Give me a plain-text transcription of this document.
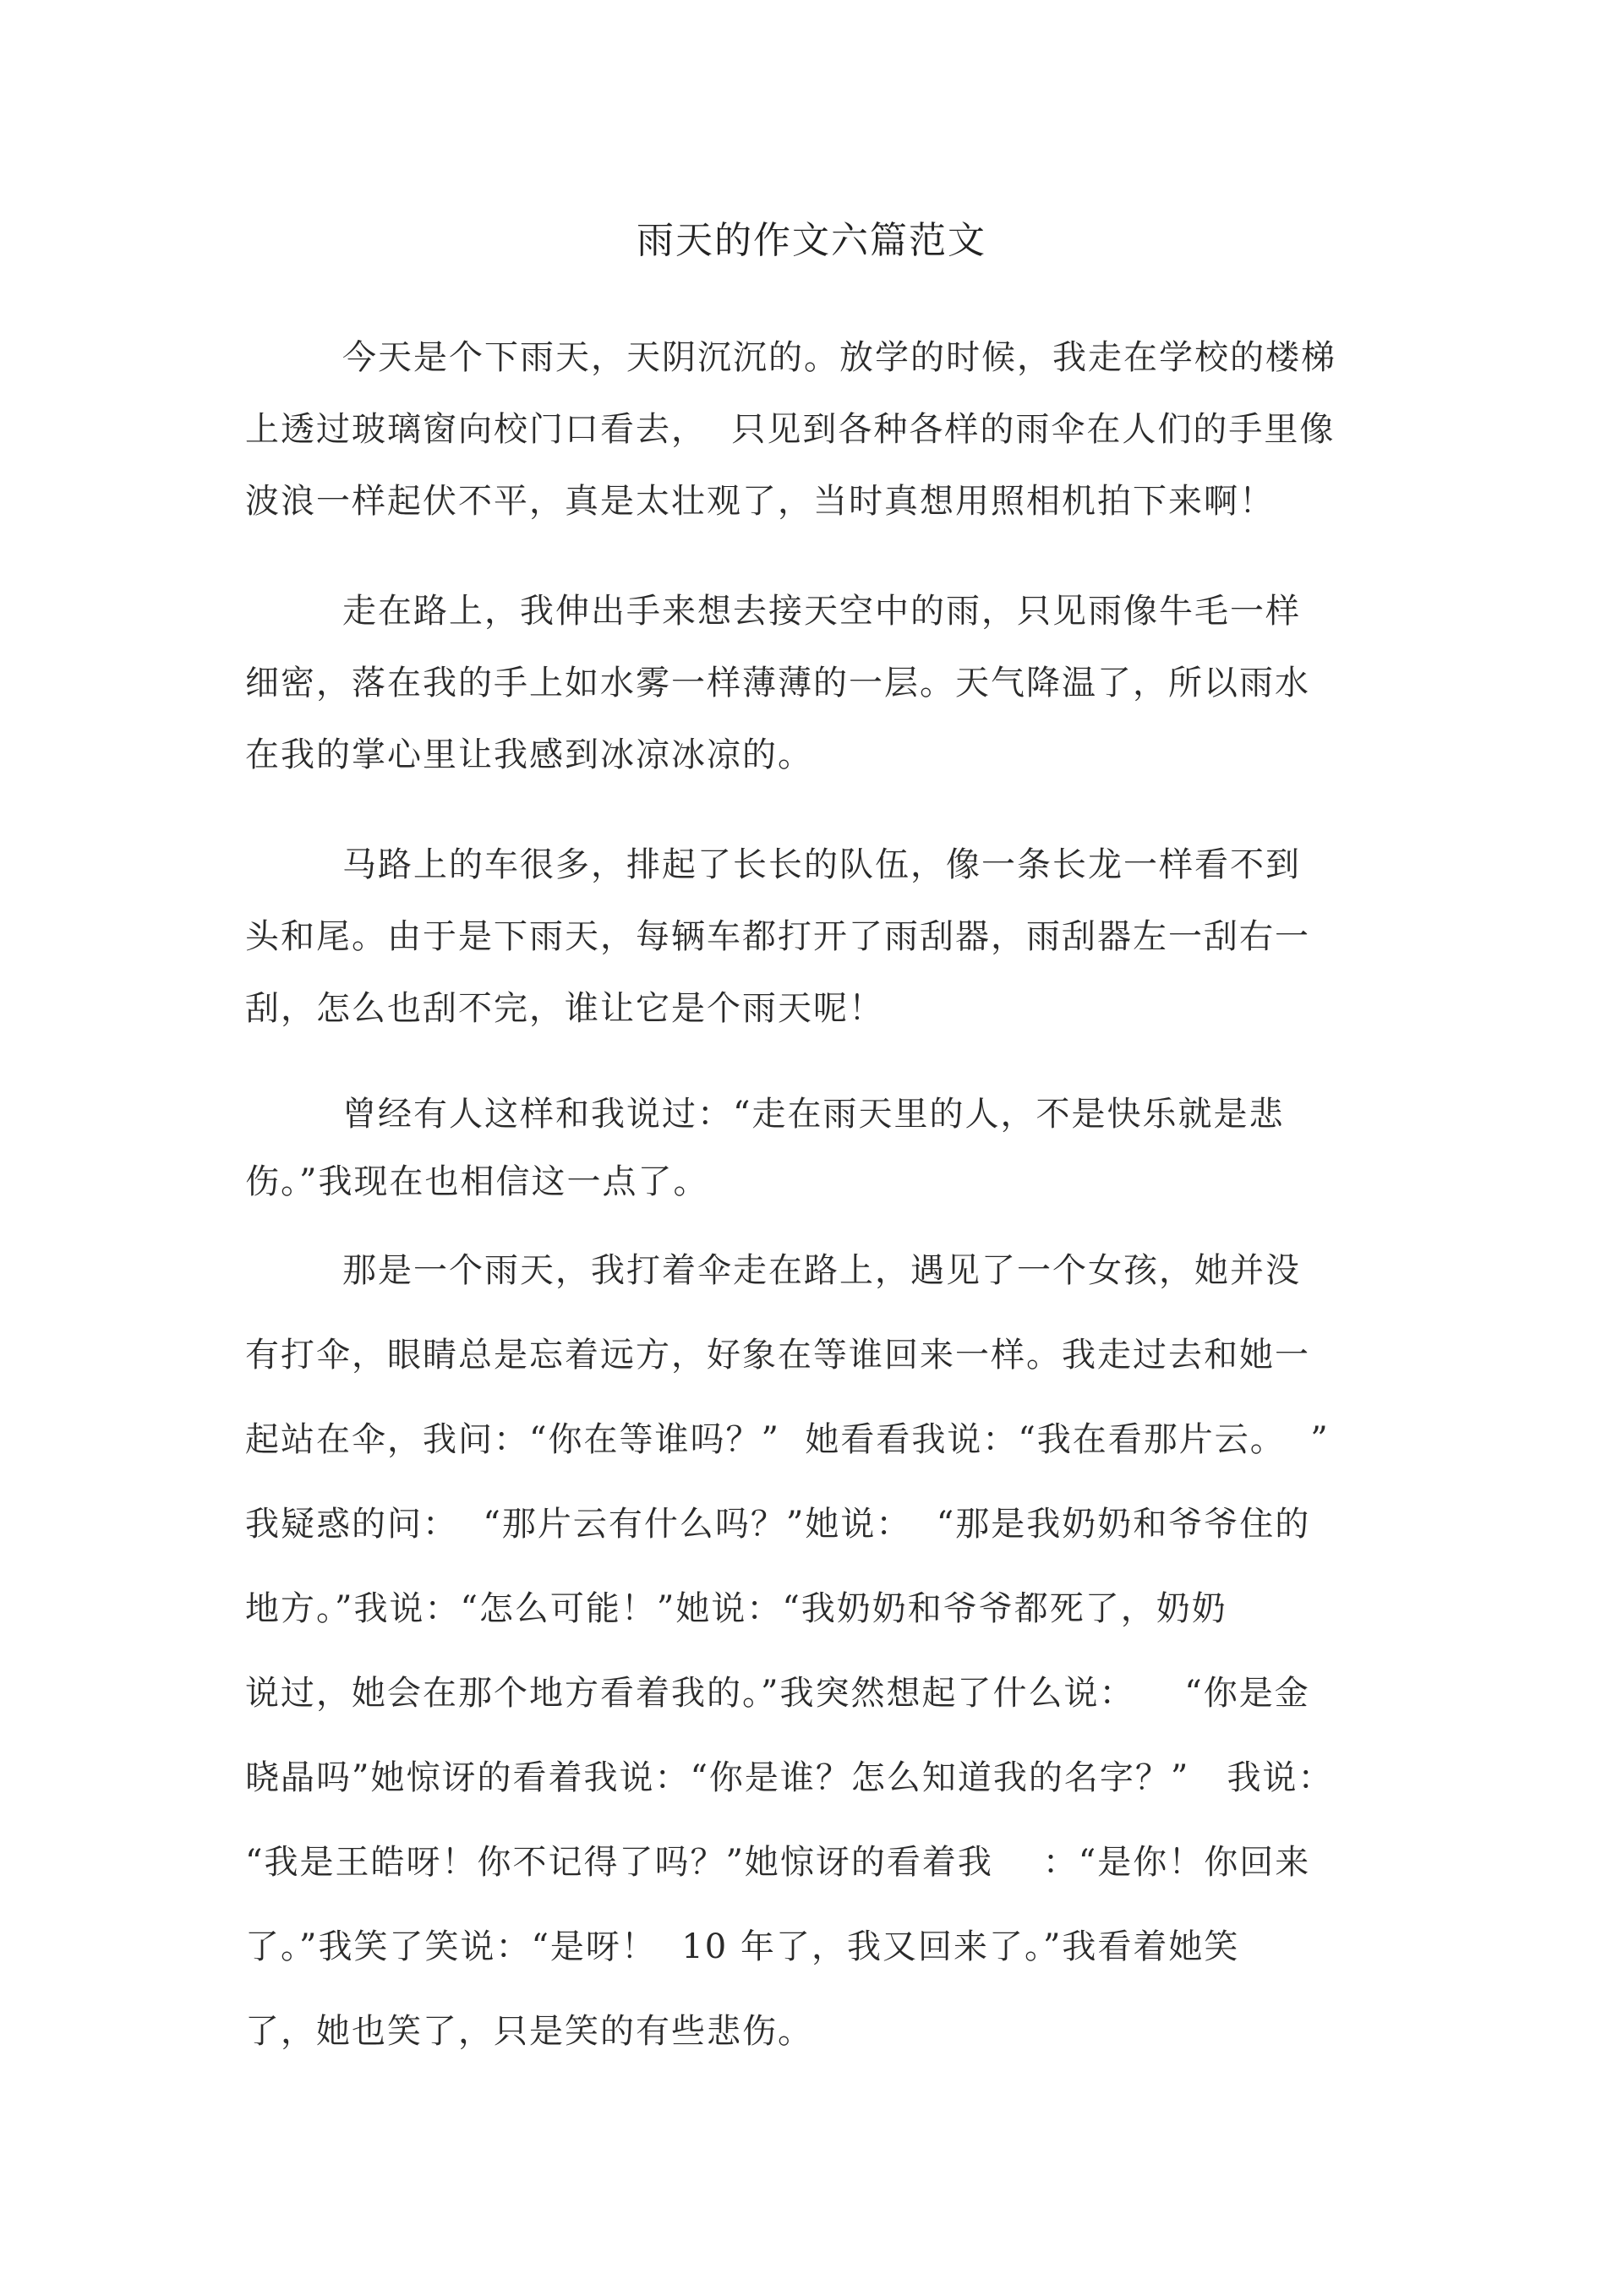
雨天的作文六篇范文
今天是个下雨天，天阴沉沉的。放学的时候，我走在学校的楼梯
上透过玻璃窗向校门口看去，  只见到各种各样的雨伞在人们的手里像
波浪一样起伏不平，真是太壮观了，当时真想用照相机拍下来啊！
走在路上，我伸出手来想去接天空中的雨，只见雨像牛毛一样
细密，落在我的手上如水雾一样薄薄的一层。天气降温了，所以雨水
在我的掌心里让我感到冰凉冰凉的。
马路上的车很多，排起了长长的队伍，像一条长龙一样看不到
头和尾。由于是下雨天，每辆车都打开了雨刮器，雨刮器左一刮右一
刮，怎么也刮不完，谁让它是个雨天呢！
曾经有人这样和我说过：“走在雨天里的人，不是快乐就是悲
伤。”我现在也相信这一点了。
那是一个雨天，我打着伞走在路上，遇见了一个女孩，她并没
有打伞，眼睛总是忘着远方，好象在等谁回来一样。我走过去和她一
起站在伞，我问：“你在等谁吗？”  她看看我说：“我在看那片云。  ”
我疑惑的问：  “那片云有什么吗？”她说：  “那是我奶奶和爷爷住的
地方。”我说：“怎么可能！”她说：“我奶奶和爷爷都死了，奶奶
说过，她会在那个地方看着我的。”我突然想起了什么说：    “你是金
晓晶吗”她惊讶的看着我说：“你是谁？怎么知道我的名字？”   我说：
“我是王皓呀！你不记得了吗？”她惊讶的看着我    ：“是你！你回来
了。”我笑了笑说：“是呀！  10 年了，我又回来了。”我看着她笑
了，她也笑了，只是笑的有些悲伤。
